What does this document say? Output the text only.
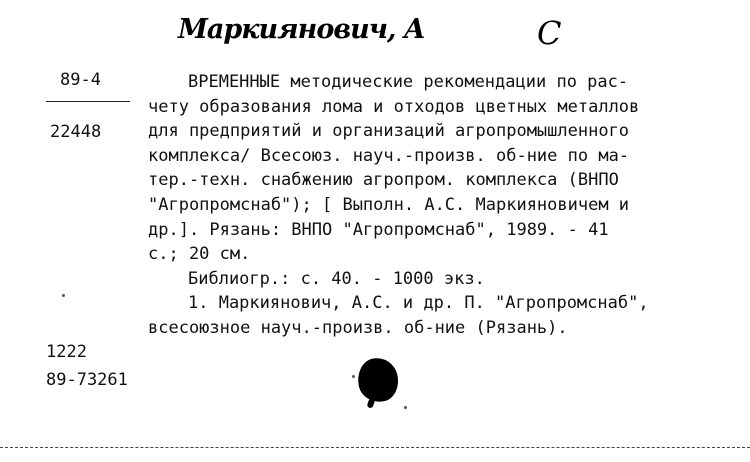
Маркиянович, А	С
89-4
22448
ВРЕМЕННЫЕ методические рекомендации по рас-
чету образования лома и отходов цветных металлов
для предприятий и организаций агропромышленного
комплекса/ Всесоюз. науч.-произв. об-ние по ма-
тер.-техн. снабжению агропром. комплекса (ВНПО
"Агропромснаб"); [ Выполн. А.С. Маркияновичем и
др.]. Рязань: ВНПО "Агропромснаб", 1989. - 41
с.; 20 см.
Библиогр.: с. 40. - 1000 экз.
1. Маркиянович, А.С. и др. П. "Агропромснаб",
всесоюзное науч.-произв. об-ние (Рязань).
1222
89-73261
